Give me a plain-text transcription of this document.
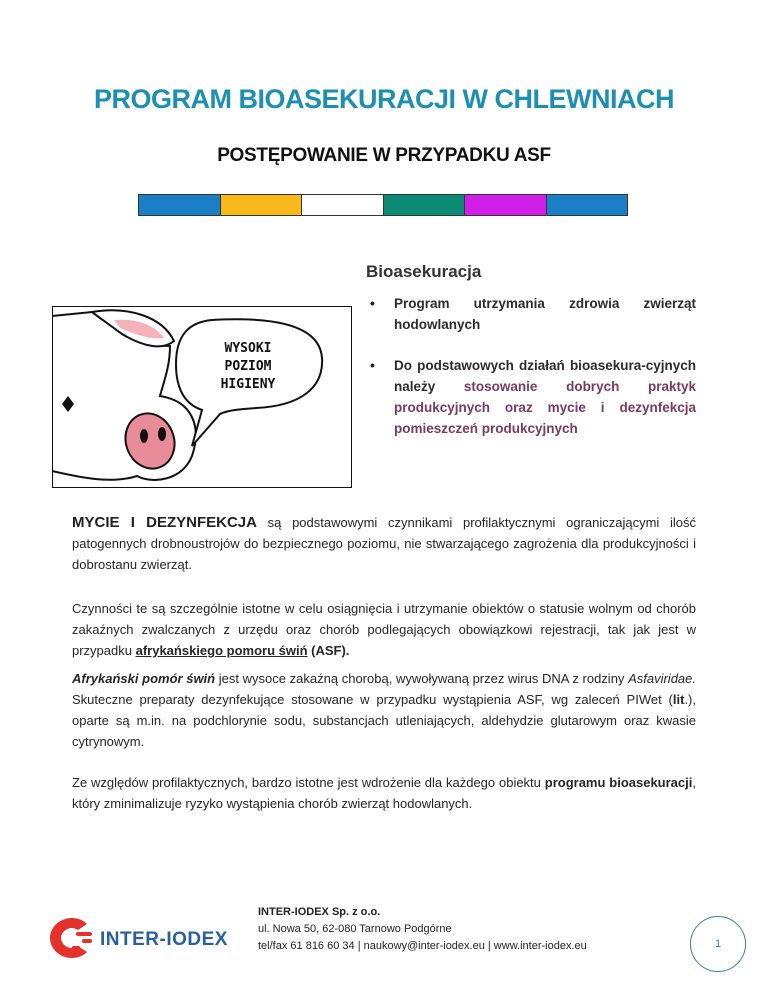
PROGRAM BIOASEKURACJI W CHLEWNIACH
POSTĘPOWANIE W PRZYPADKU ASF
WYSOKI
POZIOM
HIGIENY
Bioasekuracja
• Program utrzymania zdrowia zwierząt hodowlanych
• Do podstawowych działań bioasekura-cyjnych należy stosowanie dobrych praktyk produkcyjnych oraz mycie i dezynfekcja pomieszczeń produkcyjnych
MYCIE I DEZYNFEKCJA są podstawowymi czynnikami profilaktycznymi ograniczającymi ilość patogennych drobnoustrojów do bezpiecznego poziomu, nie stwarzającego zagrożenia dla produkcyjności i dobrostanu zwierząt.
Czynności te są szczególnie istotne w celu osiągnięcia i utrzymanie obiektów o statusie wolnym od chorób zakaźnych zwalczanych z urzędu oraz chorób podlegających obowiązkowi rejestracji, tak jak jest w przypadku afrykańskiego pomoru świń (ASF).
Afrykański pomór świń jest wysoce zakaźną chorobą, wywoływaną przez wirus DNA z rodziny Asfaviridae. Skuteczne preparaty dezynfekujące stosowane w przypadku wystąpienia ASF, wg zaleceń PIWet (lit.), oparte są m.in. na podchlorynie sodu, substancjach utleniających, aldehydzie glutarowym oraz kwasie cytrynowym.
Ze względów profilaktycznych, bardzo istotne jest wdrożenie dla każdego obiektu programu bioasekuracji, który zminimalizuje ryzyko wystąpienia chorób zwierząt hodowlanych.
INTER-IODEX
INTER-IODEX Sp. z o.o.
ul. Nowa 50, 62-080 Tarnowo Podgórne
tel/fax 61 816 60 34 | naukowy@inter-iodex.eu | www.inter-iodex.eu	1
